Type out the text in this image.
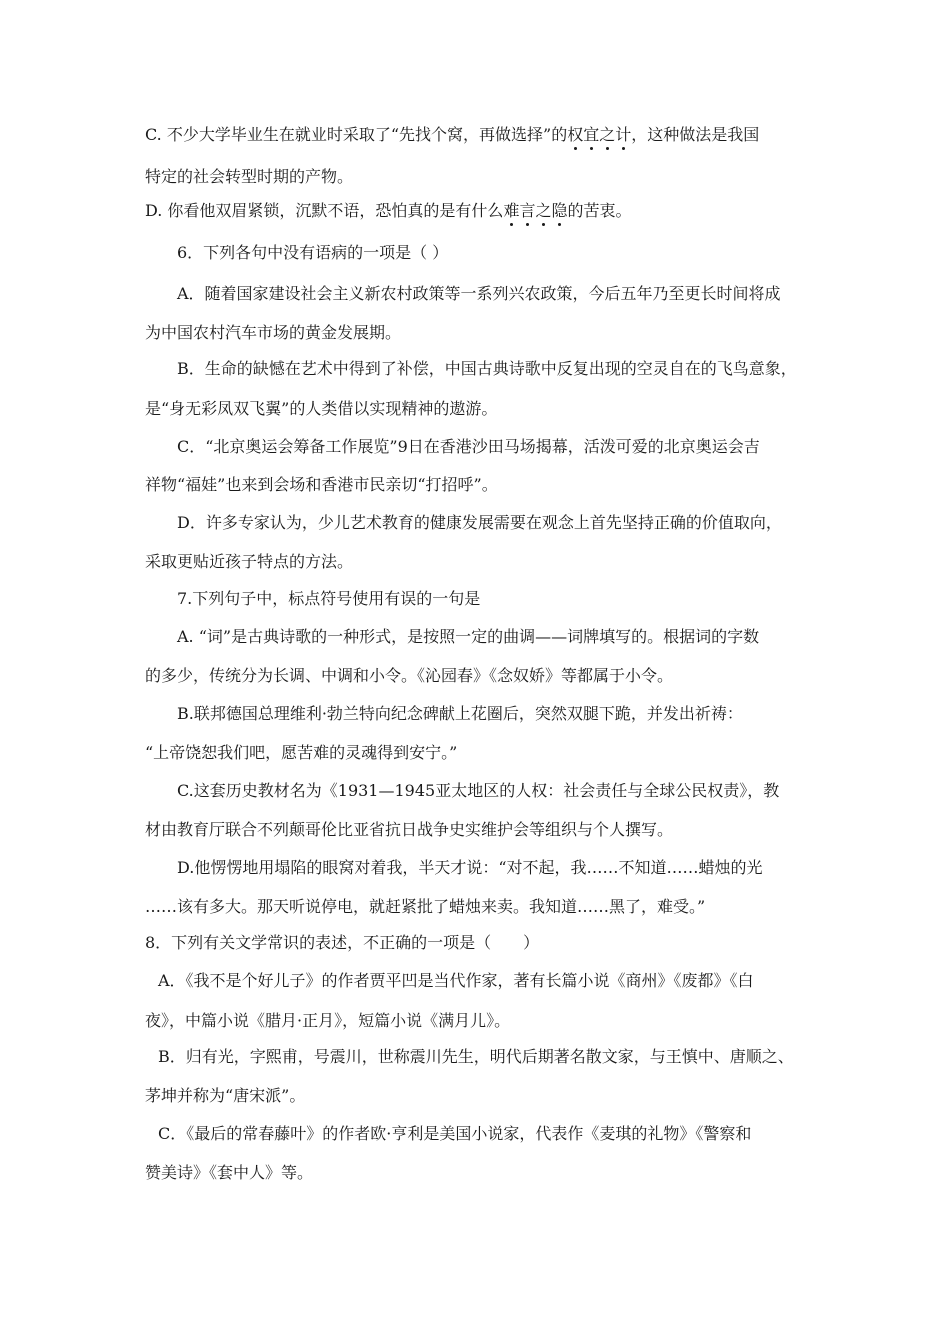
C. 不少大学毕业生在就业时采取了“先找个窝，再做选择”的权宜之计
，这种做法是我国
特定的社会转型时期的产物。
D. 你看他双眉紧锁，沉默不语，恐怕真的是有什么难言之隐
的苦衷。
6．下列各句中没有语病的一项是（ ）
A．随着国家建设社会主义新农村政策等一系列兴农政策，今后五年乃至更长时间将成
为中国农村汽车市场的黄金发展期。
B．生命的缺憾在艺术中得到了补偿，中国古典诗歌中反复出现的空灵自在的飞鸟意象，
是“身无彩凤双飞翼”的人类借以实现精神的遨游。
C．“北京奥运会筹备工作展览”9日在香港沙田马场揭幕，活泼可爱的北京奥运会吉
祥物“福娃”也来到会场和香港市民亲切“打招呼”。
D．许多专家认为，少儿艺术教育的健康发展需要在观念上首先坚持正确的价值取向，
采取更贴近孩子特点的方法。
7.下列句子中，标点符号使用有误的一句是
A. “词”是古典诗歌的一种形式，是按照一定的曲调——词牌填写的。根据词的字数
的多少，传统分为长调、中调和小令。《沁园春》《念奴娇》等都属于小令。
B.联邦德国总理维利·勃兰特向纪念碑献上花圈后，突然双腿下跪，并发出祈祷：
“上帝饶恕我们吧，愿苦难的灵魂得到安宁。”
C.这套历史教材名为《1931—1945亚太地区的人权：社会责任与全球公民权责》，教
材由教育厅联合不列颠哥伦比亚省抗日战争史实维护会等组织与个人撰写。
D.他愣愣地用塌陷的眼窝对着我，半天才说：“对不起，我……不知道……蜡烛的光
……该有多大。那天听说停电，就赶紧批了蜡烛来卖。我知道……黑了，难受。”
8．下列有关文学常识的表述，不正确的一项是（　　）
A．《我不是个好儿子》的作者贾平凹是当代作家，著有长篇小说《商州》《废都》《白
夜》，中篇小说《腊月·正月》，短篇小说《满月儿》。
B．归有光，字熙甫，号震川，世称震川先生，明代后期著名散文家，与王慎中、唐顺之、
茅坤并称为“唐宋派”。
C．《最后的常春藤叶》的作者欧·亨利是美国小说家，代表作《麦琪的礼物》《警察和
赞美诗》《套中人》等。
